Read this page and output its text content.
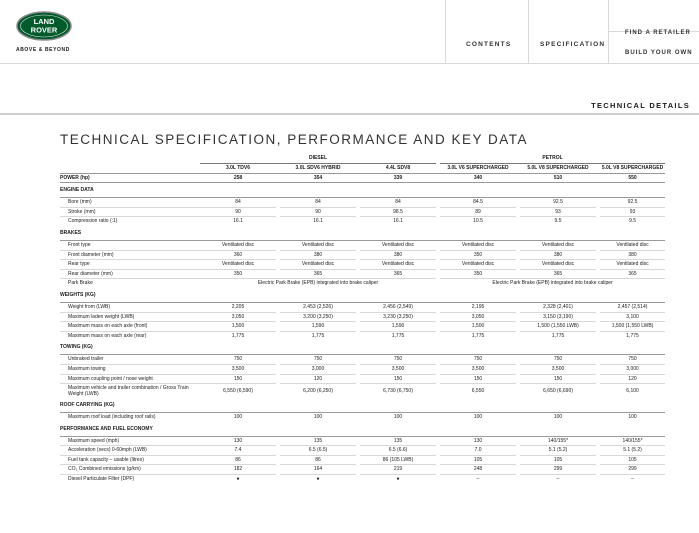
LAND
ROVER
ABOVE & BEYOND
CONTENTS	SPECIFICATION
FIND A RETAILER
BUILD YOUR OWN
TECHNICAL DETAILS
TECHNICAL SPECIFICATION, PERFORMANCE AND KEY DATA
	DIESEL						PETROL				
	3.0L TDV6		3.0L SDV6 HYBRID		4.4L SDV8		3.0L V6 SUPERCHARGED		5.0L V8 SUPERCHARGED		5.0L V8 SUPERCHARGED
POWER (hp)	258		354		339		340		510		550
ENGINE DATA											
Bore (mm)	84		84		84		84.5		92.5		92.5
Stroke (mm)	90		90		98.5		89		93		93
Compression ratio (:1)	16.1		16.1		16.1		10.5		9.5		9.5
BRAKES											
Front type	Ventilated disc		Ventilated disc		Ventilated disc		Ventilated disc		Ventilated disc		Ventilated disc
Front diameter (mm)	360		380		380		350		380		380
Rear type	Ventilated disc		Ventilated disc		Ventilated disc		Ventilated disc		Ventilated disc		Ventilated disc
Rear diameter (mm)	350		365		365		350		365		365
Park Brake	Electric Park Brake (EPB) integrated into brake caliper						Electric Park Brake (EPB) integrated into brake caliper				
WEIGHTS (KG)											
Weight from (LWB)	2,205		2,453 (2,526)		2,456 (2,549)		2,195		2,328 (2,401)		2,457 (2,514)
Maximum laden weight (LWB)	3,050		3,200 (3,250)		3,230 (3,250)		3,050		3,150 (3,190)		3,100
Maximum mass on each axle (front)	1,500		1,590		1,590		1,500		1,500 (1,550 LWB)		1,500 (1,550 LWB)
Maximum mass on each axle (rear)	1,775		1,775		1,775		1,775		1,775		1,775
TOWING (KG)											
Unbraked trailer	750		750		750		750		750		750
Maximum towing	3,500		3,000		3,500		3,500		3,500		3,000
Maximum coupling point / nose weight	150		120		150		150		150		120
Maximum vehicle and trailer combination / Gross Train Weight (LWB)	6,550 (6,590)		6,200 (6,250)		6,730 (6,750)		6,550		6,650 (6,690)		6,100
ROOF CARRYING (KG)											
Maximum roof load (including roof rails)	100		100		100		100		100		100
PERFORMANCE AND FUEL ECONOMY											
Maximum speed (mph)	130		135		135		130		140/155*		140/155*
Acceleration (secs) 0-60mph (LWB)	7.4		6.5 (6.5)		6.5 (6.6)		7.0		5.1 (5.2)		5.1 (5.2)
Fuel tank capacity – usable (litres)	86		86		86 (105 LWB)		105		105		105
CO₂ Combined emissions (g/km)	182		164		219		248		299		299
Diesel Particulate Filter (DPF)	●		●		●		–		–		–
